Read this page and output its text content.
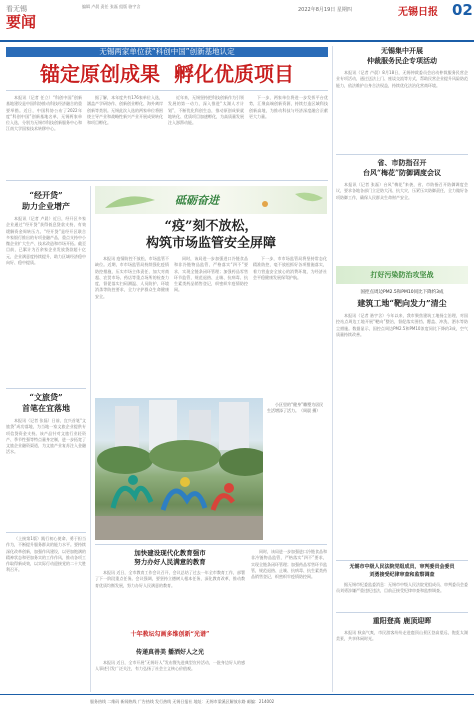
看无锡
要闻
编辑 卢晨 责任 张磊 组版 骆宇含
2022年8月19日 星期四	无锡日报 02
无锡两家单位获“科创中国”创新基地认定
锚定原创成果  孵化优质项目
本报讯（记者 任立）“科创中国”创新基地建设是中国科协推动科技经济融合的重要举措。近日，中国科协公布了2022年度“科创中国”创新基地名单，无锡两家单位入选，分别为无锡市科技创新服务中心和江南大学国家技术转移中心。
据了解，本年度共有176家单位入选，涵盖产学研协作、创新创业孵化、海外离岸创新等类别。无锡此次入选的两家单位将围绕主导产业和战略性新兴产业开展成果转化和项目孵化。
近年来，无锡坚持把科技创新作为引领发展的第一动力，深入推进“太湖人才计划”，不断优化科创生态，推动原创成果就地转化、优质项目加速孵化，为高质量发展注入澎湃动能。
下一步，两家单位将进一步发挥平台优势，汇聚高端创新资源，持续打造区域科技创新高地，为推动科技与经济深度融合贡献更大力量。
“经开贷”
助力企业增产
本报讯（记者 卢晨）近日，经开区多家企业通过“经开贷”获得低息贷款支持，有效缓解资金周转压力。“经开贷”是经开区联合多家银行推出的专项金融产品，重点支持中小微企业扩大生产、技术改造和市场开拓。截至目前，已累计为百余家企业发放贷款超十亿元，企业满意度持续提升，助力区域经济稳中向好、稳中提质。
“文旅贷”
首笔在宜落地
本报讯（记者 张磊）日前，宜兴首笔“文旅贷”成功落地，为当地一家文旅企业提供专项信贷资金支持。该产品针对文旅行业轻资产、季节性强等特点量身定制，进一步拓宽了文旅企业融资渠道，为文旅产业复苏注入金融活水。
（上接第1版）践行初心使命、勇于担当作为，不断提升服务群众的能力水平。要持续深化改革创新，加强作风建设，以更加饱满的精神状态和更加务实的工作作风，推动各项工作取得新成效，以实际行动迎接党的二十大胜利召开。
砥砺奋进
“疫”刻不放松，
构筑市场监管安全屏障
本报讯 疫情防控不放松，市场监管不缺位。近期，市市场监管局持续强化疫情防控措施，压实市场主体责任，加大对商超、农贸市场、药店等重点场所的检查力度，督促落实扫码测温、人员防护、环境消杀等防控要求，全力守护群众生命健康安全。
同时，该局进一步加强进口冷链食品和非冷链物品监管，严格落实“四不”要求，实现全链条闭环管理；加强药品零售环节监管，规范退热、止咳、抗病毒、抗生素类药品销售登记，织密织牢疫情防控网。
下一步，市市场监管局将坚持常态化精准防控，毫不放松抓好各项措施落实，着力营造安全放心的消费环境，为经济社会平稳健康发展保驾护航。
小区里的“健身”雕塑为居民生活增添了活力。（周晨 摄）
加快建设现代化教育强市
努力办好人民满意的教育
本报讯 近日，全市教育工作会议召开，会议总结了过去一年全市教育工作，部署了下一阶段重点任务。会议强调，要坚持立德树人根本任务，深化教育改革，推动教育优质均衡发展，努力办好人民满意的教育。
十年教坛勾画多维创新“光谱”
传递真善美 播洒好人之光
本报讯 近日，全市开展“无锡好人”发布暨先进典型宣传活动，一批身边好人的感人事迹引发广泛关注，有力弘扬了社会主义核心价值观。
同时，该局进一步加强进口冷链食品和非冷链物品监管，严格落实“四不”要求，实现全链条闭环管理；加强药品零售环节监管，规范退热、止咳、抗病毒、抗生素类药品销售登记，织密织牢疫情防控网。
无锡集中开展
仲裁服务民企专项活动
本报讯（记者 卢晨）8月18日，无锡仲裁委员会启动仲裁服务民营企业专项活动，通过送法上门、座谈交流等方式，帮助民营企业提升风险防范能力，依法维护自身合法权益，持续优化法治化营商环境。
省、市防指召开
台风“梅花”防御调度会议
本报讯（记者 张磊）台风“梅花”来袭，省、市防指召开防御调度会议，要求各地各部门立足防大汛、抗大灾，压紧压实防御责任，全力做好各项防御工作，确保人民群众生命财产安全。
打好污染防治攻坚战
国控点周边PM2.5和PM10同比下降约3成
建筑工地“靶向发力”清尘
本报讯（记者 骆宇含）今年以来，我市聚焦建筑工地扬尘治理，对国控站点周边工地开展“靶向”整治，督促落实围挡、覆盖、冲洗、洒水等防尘措施。数据显示，国控点周边PM2.5和PM10浓度同比下降约3成，空气质量持续改善。
无锡市中级人民法院党组成员、审判委员会委员
刘勇接受纪律审查和监察调查
据无锡市纪委监委消息：无锡市中级人民法院党组成员、审判委员会委员刘勇涉嫌严重违纪违法，目前正接受纪律审查和监察调查。
重阳登高 鹿顶迎晖
本报讯 秋高气爽，市民游客纷纷走进鹿顶山景区登高望远，饱览太湖美景，共享休闲时光。
服务热线 二维码 新闻热线 广告热线 发行热线 无锡日报社 地址：无锡市梁溪区解放东路 邮编：214002
